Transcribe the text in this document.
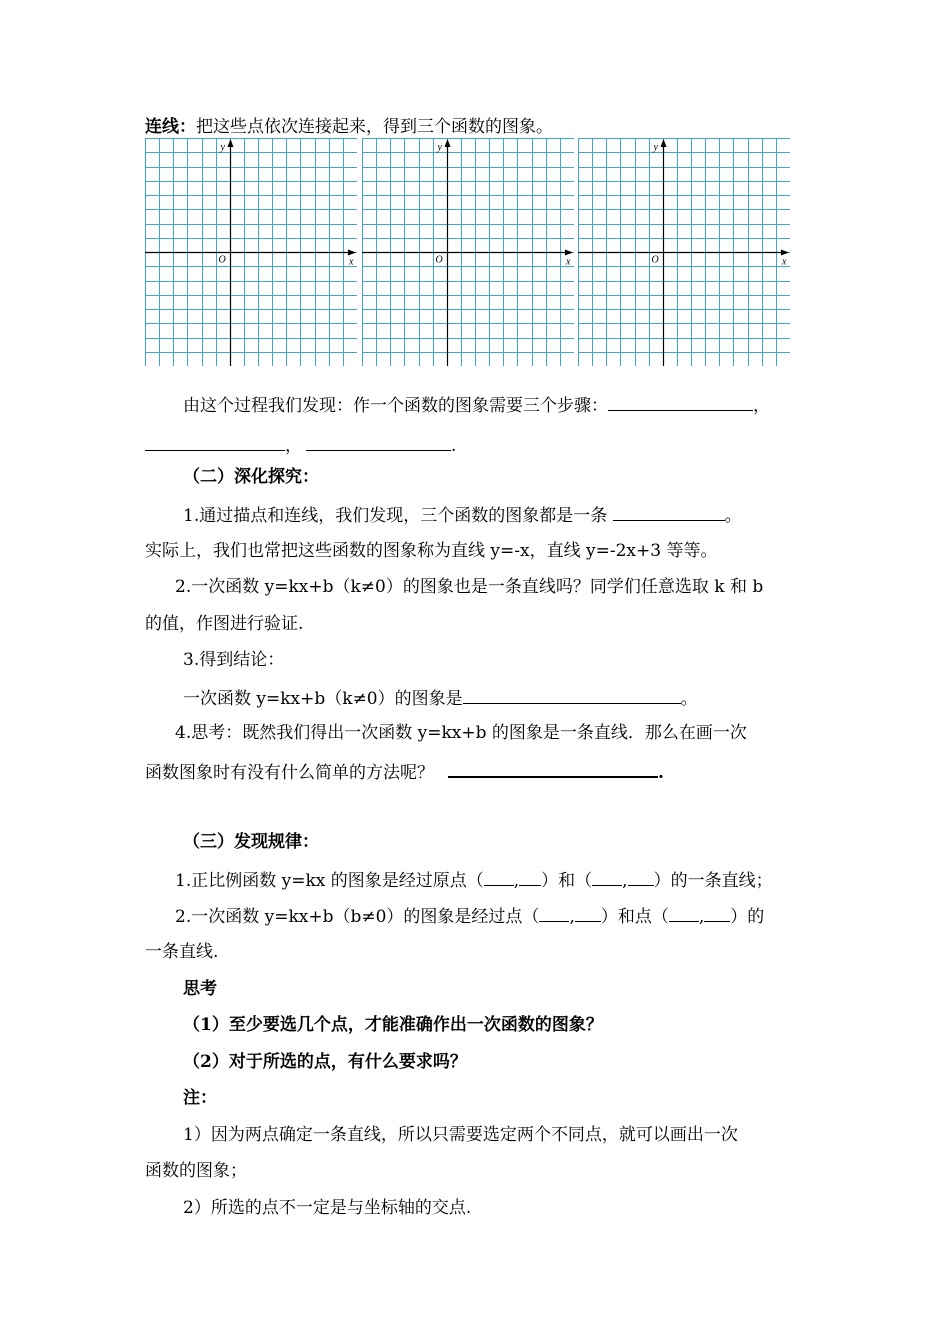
连线：把这些点依次连接起来，得到三个函数的图象。
y
x
O
y
x
O
y
x
O
由这个过程我们发现：作一个函数的图象需要三个步骤：	，
，	.
（二）深化探究：
1.通过描点和连线，我们发现，三个函数的图象都是一条	。
实际上，我们也常把这些函数的图象称为直线 y=-x，直线 y=-2x+3 等等。
2.一次函数 y=kx+b（k≠0）的图象也是一条直线吗？同学们任意选取 k 和 b
的值，作图进行验证.
3.得到结论：
一次函数 y=kx+b（k≠0）的图象是	。
4.思考：既然我们得出一次函数 y=kx+b 的图象是一条直线．那么在画一次
函数图象时有没有什么简单的方法呢？	.
（三）发现规律：
1.正比例函数 y=kx 的图象是经过原点（ , ）和（ , ）的一条直线；
2.一次函数 y=kx+b（b≠0）的图象是经过点（ , ）和点（ , ）的
一条直线.
思考
（1）至少要选几个点，才能准确作出一次函数的图象？
（2）对于所选的点，有什么要求吗？
注：
1）因为两点确定一条直线，所以只需要选定两个不同点，就可以画出一次
函数的图象；
2）所选的点不一定是与坐标轴的交点.
